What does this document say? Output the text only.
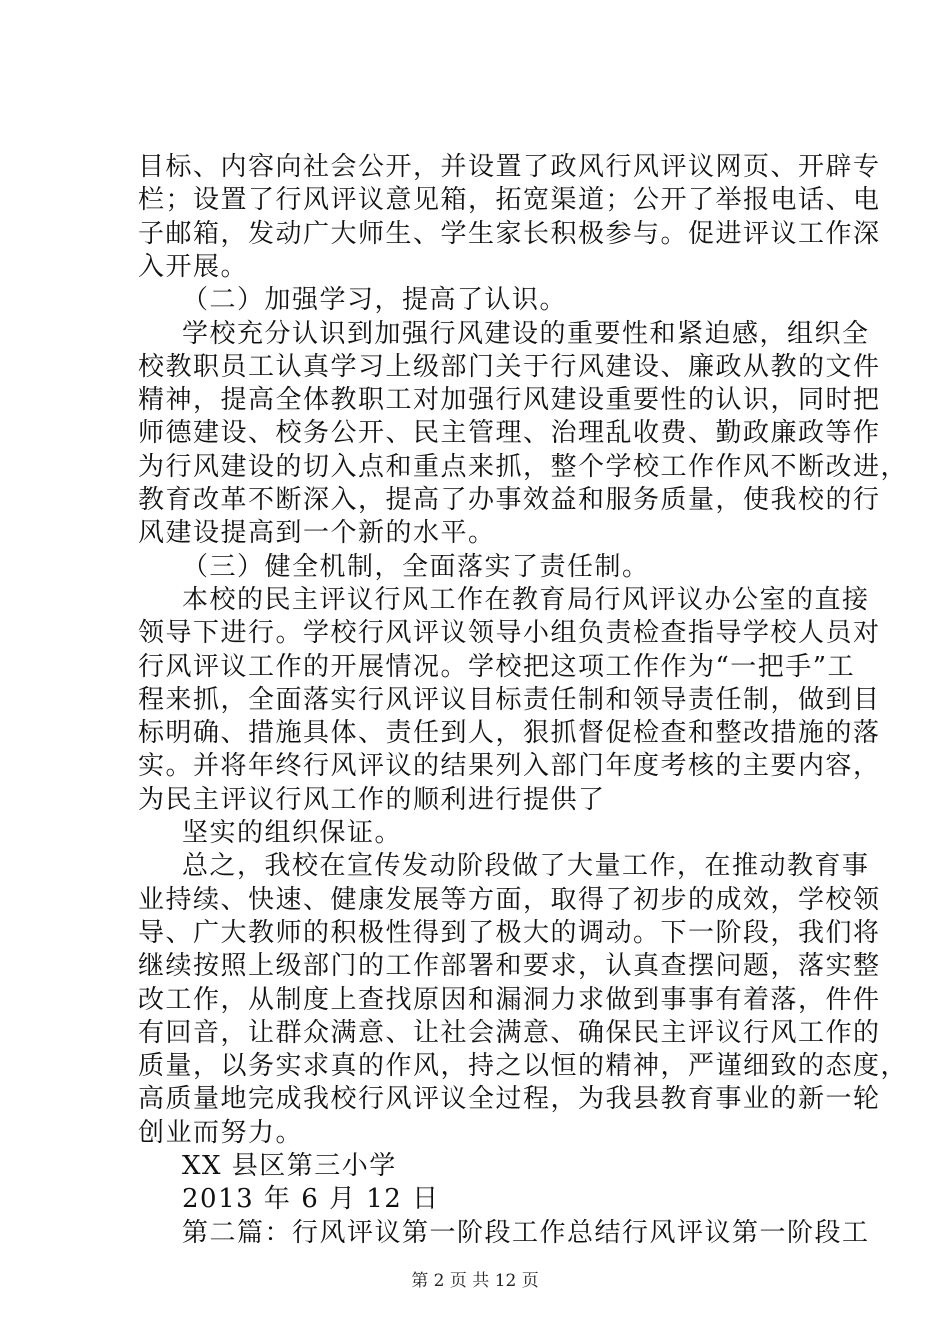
目标、内容向社会公开，并设置了政风行风评议网页、开辟专
栏；设置了行风评议意见箱，拓宽渠道；公开了举报电话、电
子邮箱，发动广大师生、学生家长积极参与。促进评议工作深
入开展。
（二）加强学习，提高了认识。
学校充分认识到加强行风建设的重要性和紧迫感，组织全
校教职员工认真学习上级部门关于行风建设、廉政从教的文件
精神，提高全体教职工对加强行风建设重要性的认识，同时把
师德建设、校务公开、民主管理、治理乱收费、勤政廉政等作
为行风建设的切入点和重点来抓，整个学校工作作风不断改进，
教育改革不断深入，提高了办事效益和服务质量，使我校的行
风建设提高到一个新的水平。
（三）健全机制，全面落实了责任制。
本校的民主评议行风工作在教育局行风评议办公室的直接
领导下进行。学校行风评议领导小组负责检查指导学校人员对
行风评议工作的开展情况。学校把这项工作作为“一把手”工
程来抓，全面落实行风评议目标责任制和领导责任制，做到目
标明确、措施具体、责任到人，狠抓督促检查和整改措施的落
实。并将年终行风评议的结果列入部门年度考核的主要内容，
为民主评议行风工作的顺利进行提供了
坚实的组织保证。
总之，我校在宣传发动阶段做了大量工作，在推动教育事
业持续、快速、健康发展等方面，取得了初步的成效，学校领
导、广大教师的积极性得到了极大的调动。下一阶段，我们将
继续按照上级部门的工作部署和要求，认真查摆问题，落实整
改工作，从制度上查找原因和漏洞力求做到事事有着落，件件
有回音，让群众满意、让社会满意、确保民主评议行风工作的
质量，以务实求真的作风，持之以恒的精神，严谨细致的态度，
高质量地完成我校行风评议全过程，为我县教育事业的新一轮
创业而努力。
XX 县区第三小学
2013 年 6 月 12 日
第二篇：行风评议第一阶段工作总结行风评议第一阶段工
第 2 页 共 12 页
